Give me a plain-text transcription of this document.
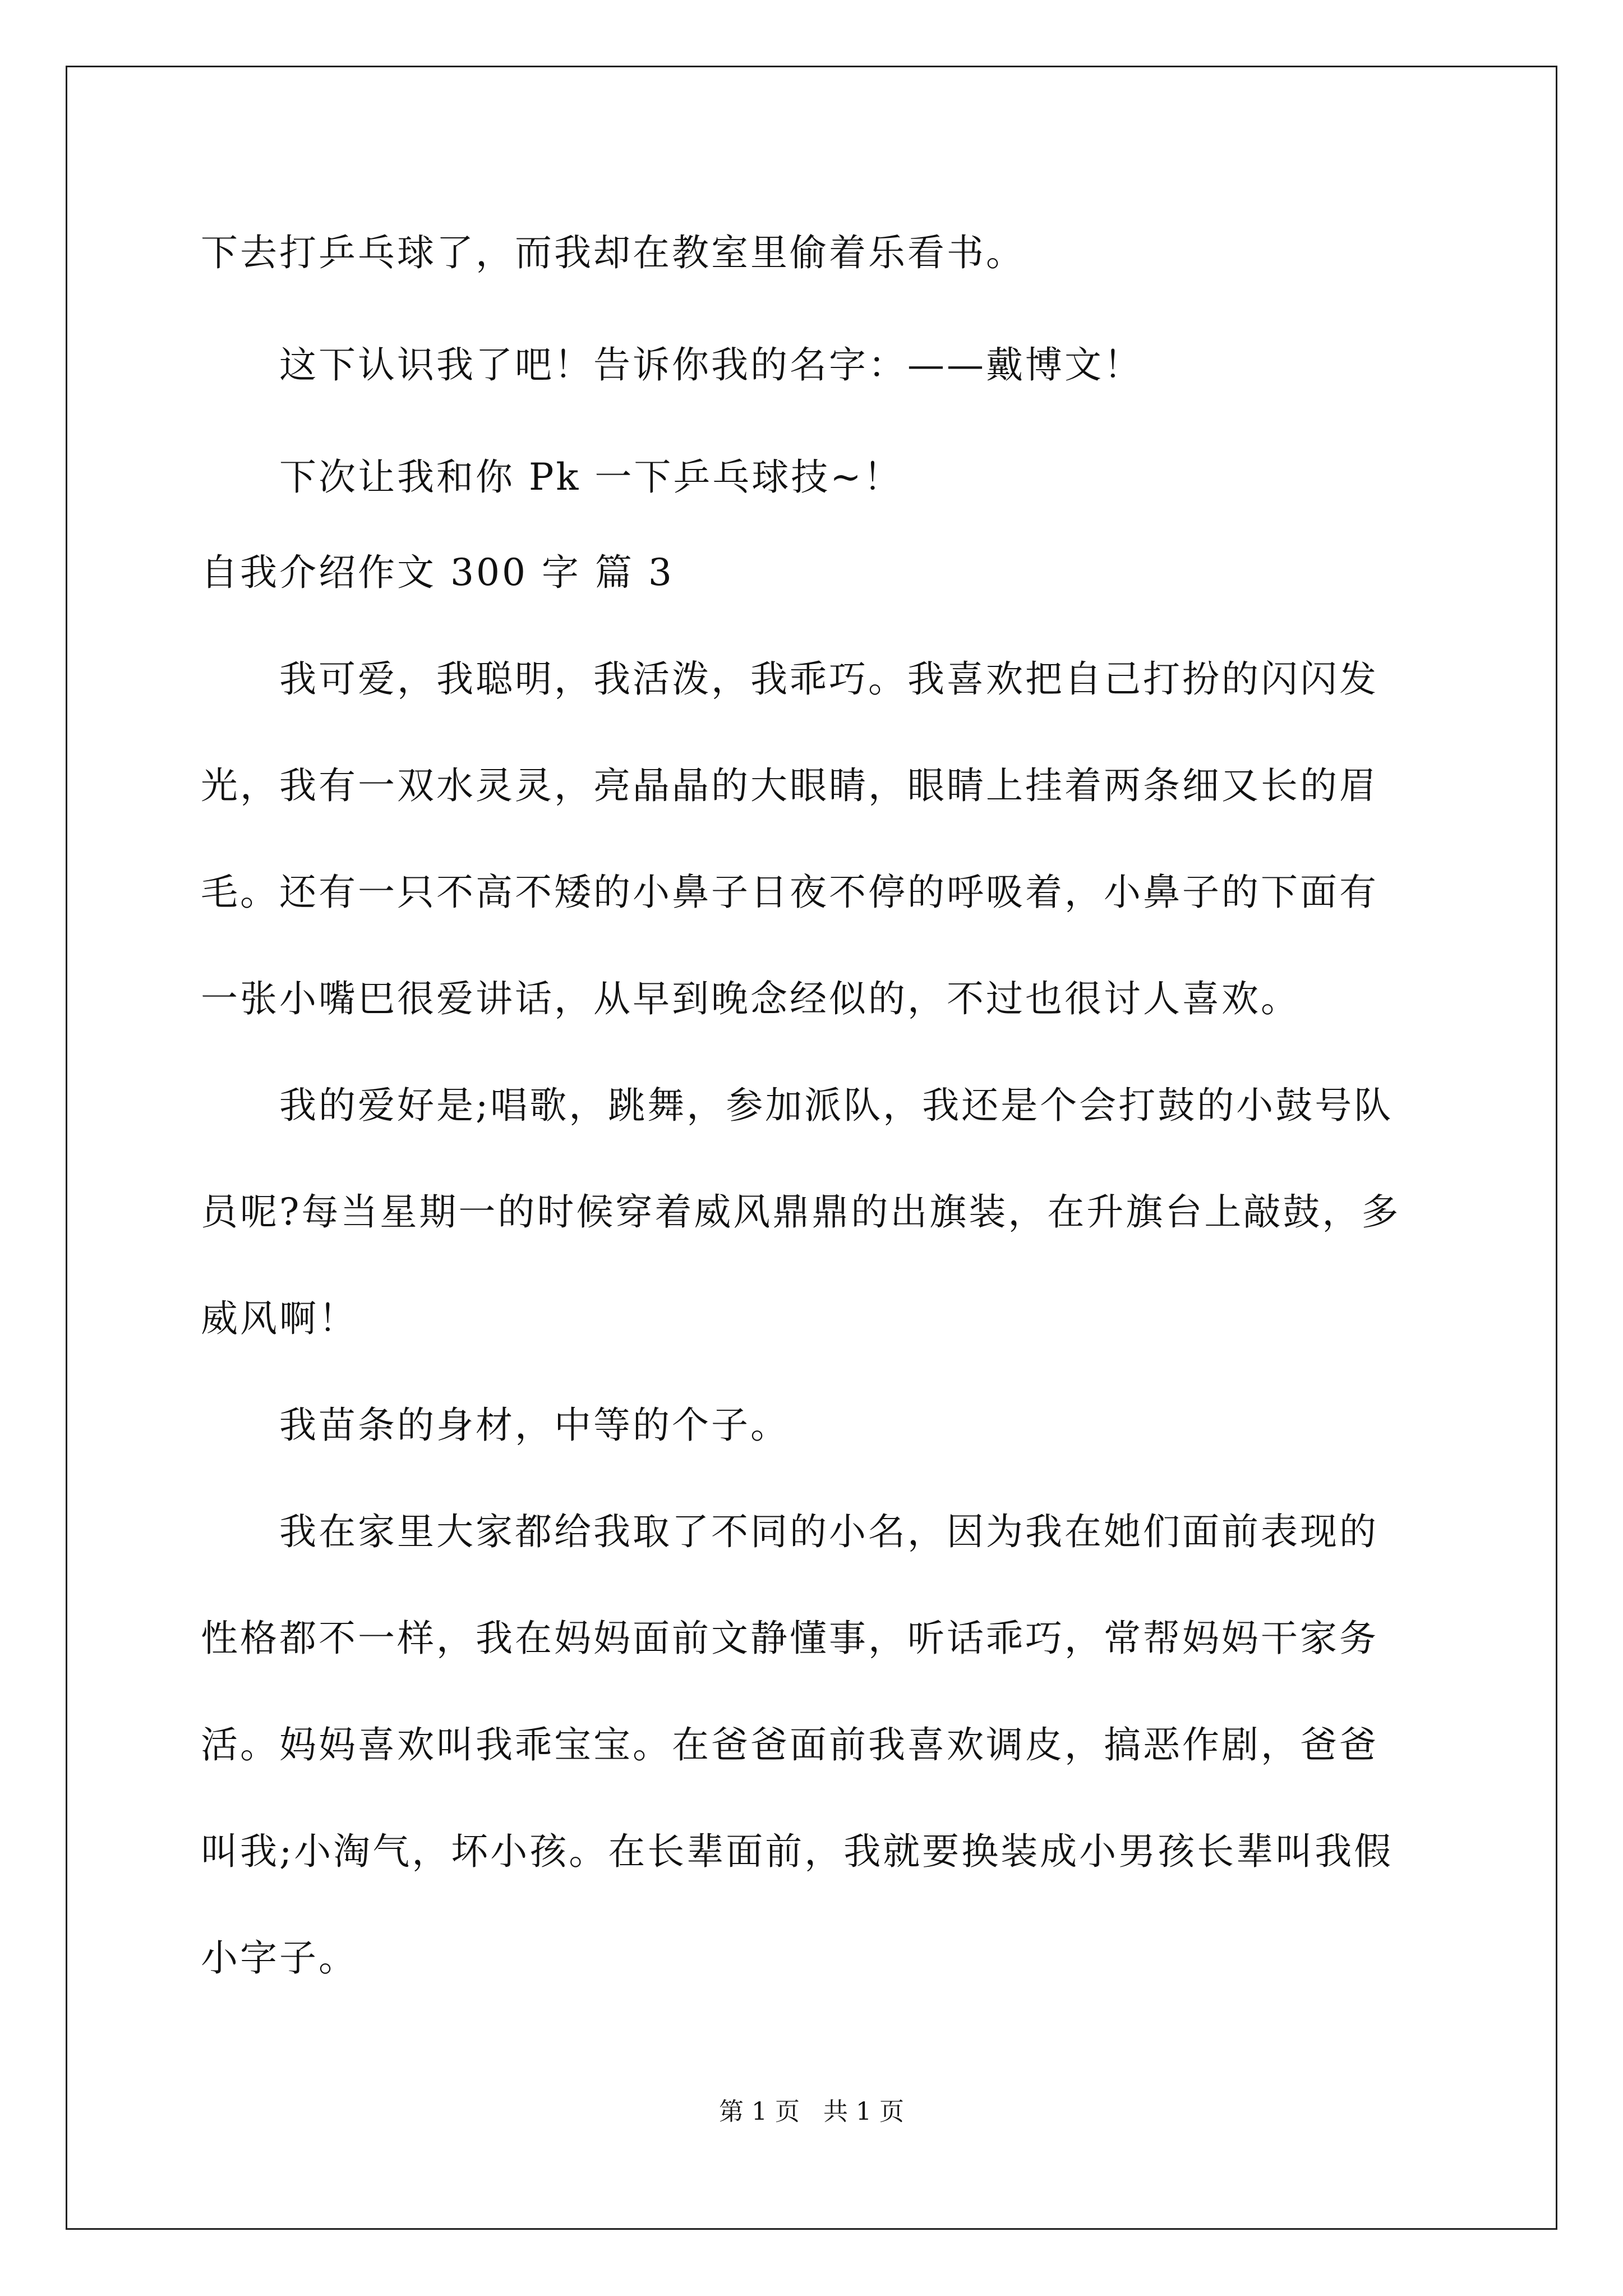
下去打乒乓球了，而我却在教室里偷着乐看书。
这下认识我了吧！告诉你我的名字：——戴博文！
下次让我和你 Pk 一下乒乓球技~！
自我介绍作文 300 字 篇 3
我可爱，我聪明，我活泼，我乖巧。我喜欢把自己打扮的闪闪发
光，我有一双水灵灵，亮晶晶的大眼睛，眼睛上挂着两条细又长的眉
毛。还有一只不高不矮的小鼻子日夜不停的呼吸着，小鼻子的下面有
一张小嘴巴很爱讲话，从早到晚念经似的，不过也很讨人喜欢。
我的爱好是;唱歌，跳舞，参加派队，我还是个会打鼓的小鼓号队
员呢?每当星期一的时候穿着威风鼎鼎的出旗装，在升旗台上敲鼓，多
威风啊！
我苗条的身材，中等的个子。
我在家里大家都给我取了不同的小名，因为我在她们面前表现的
性格都不一样，我在妈妈面前文静懂事，听话乖巧，常帮妈妈干家务
活。妈妈喜欢叫我乖宝宝。在爸爸面前我喜欢调皮，搞恶作剧，爸爸
叫我;小淘气，坏小孩。在长辈面前，我就要换装成小男孩长辈叫我假
小字子。
第 1 页   共 1 页
